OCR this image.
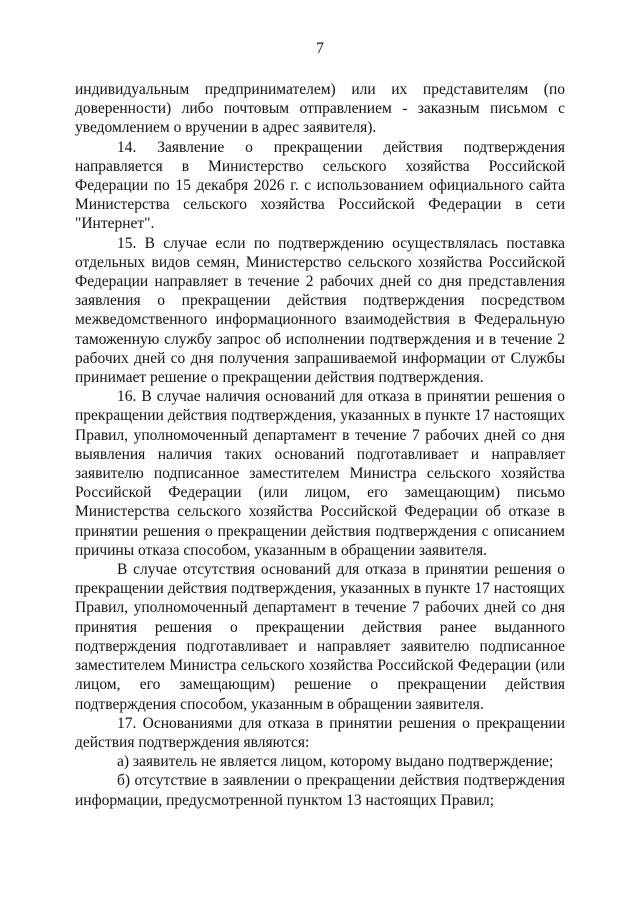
7

индивидуальным предпринимателем) или их представителям (по доверенности) либо почтовым отправлением - заказным письмом с уведомлением о вручении в адрес заявителя).

14. Заявление о прекращении действия подтверждения направляется в Министерство сельского хозяйства Российской Федерации по 15 декабря 2026 г. с использованием официального сайта Министерства сельского хозяйства Российской Федерации в сети "Интернет".

15. В случае если по подтверждению осуществлялась поставка отдельных видов семян, Министерство сельского хозяйства Российской Федерации направляет в течение 2 рабочих дней со дня представления заявления о прекращении действия подтверждения посредством межведомственного информационного взаимодействия в Федеральную таможенную службу запрос об исполнении подтверждения и в течение 2 рабочих дней со дня получения запрашиваемой информации от Службы принимает решение о прекращении действия подтверждения.

16. В случае наличия оснований для отказа в принятии решения о прекращении действия подтверждения, указанных в пункте 17 настоящих Правил, уполномоченный департамент в течение 7 рабочих дней со дня выявления наличия таких оснований подготавливает и направляет заявителю подписанное заместителем Министра сельского хозяйства Российской Федерации (или лицом, его замещающим) письмо Министерства сельского хозяйства Российской Федерации об отказе в принятии решения о прекращении действия подтверждения с описанием причины отказа способом, указанным в обращении заявителя.

В случае отсутствия оснований для отказа в принятии решения о прекращении действия подтверждения, указанных в пункте 17 настоящих Правил, уполномоченный департамент в течение 7 рабочих дней со дня принятия решения о прекращении действия ранее выданного подтверждения подготавливает и направляет заявителю подписанное заместителем Министра сельского хозяйства Российской Федерации (или лицом, его замещающим) решение о прекращении действия подтверждения способом, указанным в обращении заявителя.

17. Основаниями для отказа в принятии решения о прекращении действия подтверждения являются:

а) заявитель не является лицом, которому выдано подтверждение;

б) отсутствие в заявлении о прекращении действия подтверждения информации, предусмотренной пунктом 13 настоящих Правил;
